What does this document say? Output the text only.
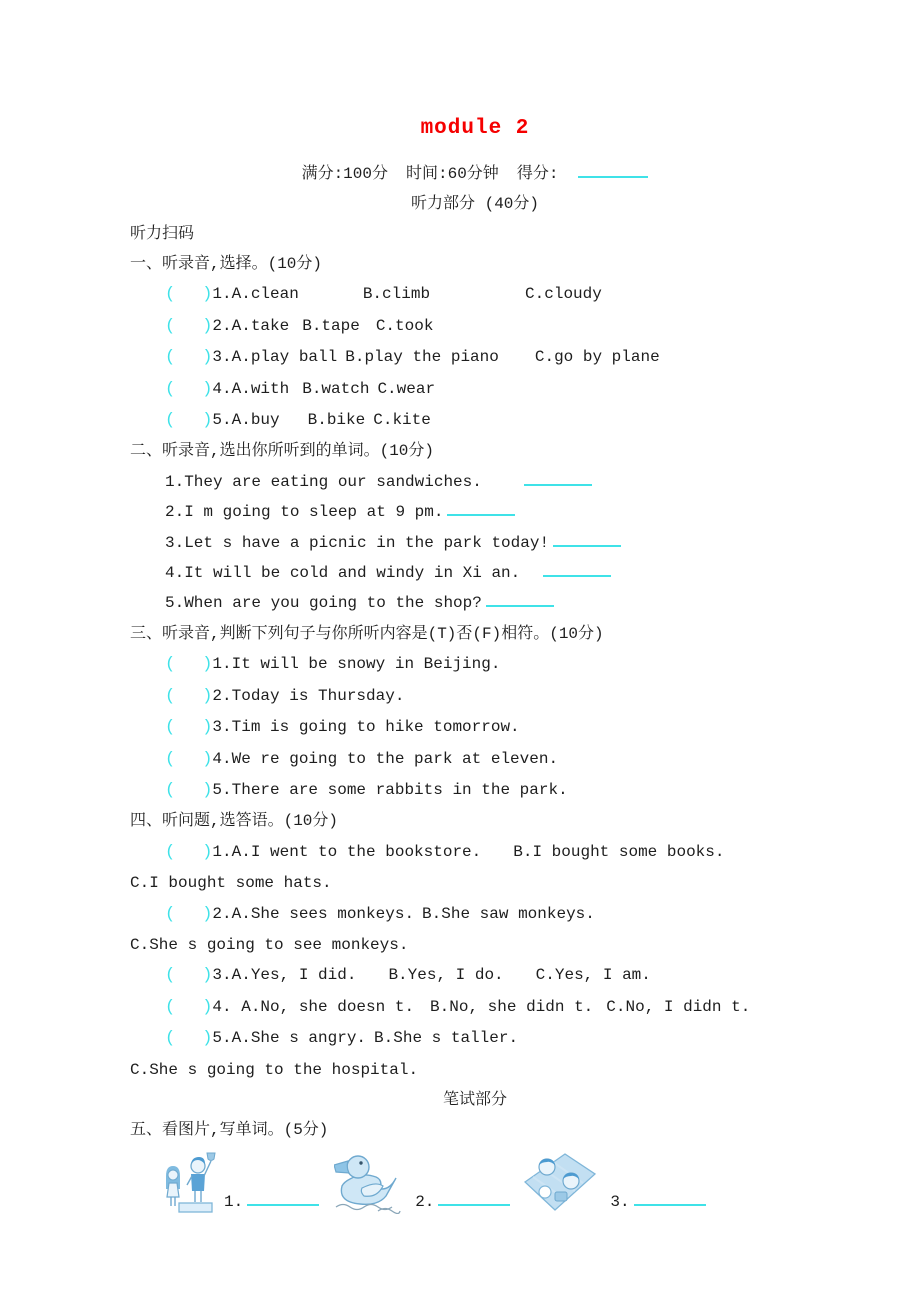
module 2
满分:100分 时间:60分钟 得分:
听力部分 (40分)
听力扫码
一、听录音,选择。(10分)
( )1.A.clean	B.climb	C.cloudy
( )2.A.take B.tape C.took
( )3.A.play ball B.play the piano C.go by plane
( )4.A.with B.watch C.wear
( )5.A.buy B.bike C.kite
二、听录音,选出你所听到的单词。(10分)
1.They are eating our sandwiches.
2.I m going to sleep at 9 pm.
3.Let s have a picnic in the park today!
4.It will be cold and windy in Xi an.
5.When are you going to the shop?
三、听录音,判断下列句子与你所听内容是(T)否(F)相符。(10分)
( )1.It will be snowy in Beijing.
( )2.Today is Thursday.
( )3.Tim is going to hike tomorrow.
( )4.We re going to the park at eleven.
( )5.There are some rabbits in the park.
四、听问题,选答语。(10分)
( )1.A.I went to the bookstore. B.I bought some books.
C.I bought some hats.
( )2.A.She sees monkeys. B.She saw monkeys.
C.She s going to see monkeys.
( )3.A.Yes, I did. B.Yes, I do. C.Yes, I am.
( )4. A.No, she doesn t. B.No, she didn t. C.No, I didn t.
( )5.A.She s angry. B.She s taller.
C.She s going to the hospital.
笔试部分
五、看图片,写单词。(5分)
1.	2.	3.
